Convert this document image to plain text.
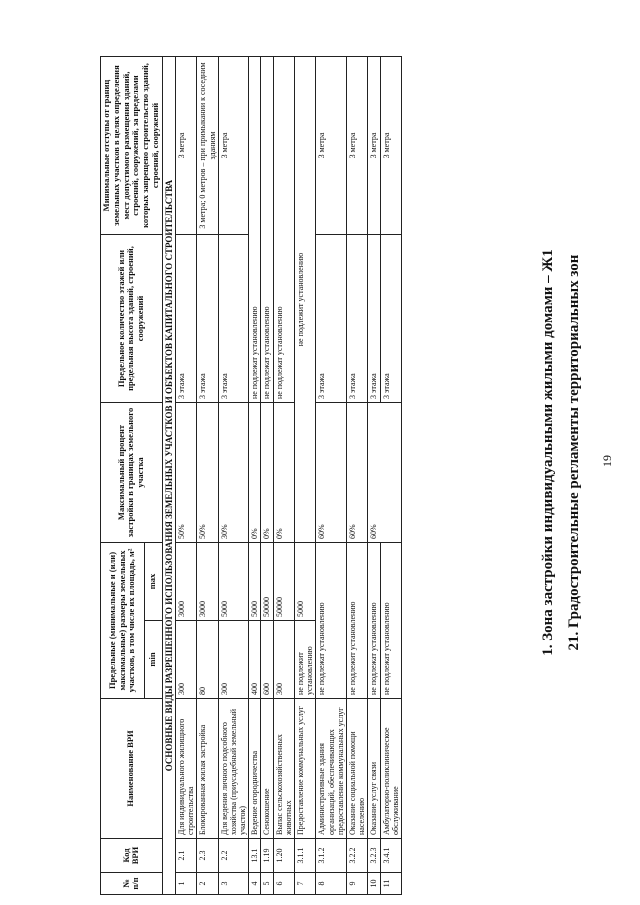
19
21. Градостроительные регламенты территориальных зон
1. Зона застройки индивидуальными жилыми домами – Ж1
№ п/п	Код ВРИ	Наименование ВРИ	Предельные (минимальные и (или) максимальные) размеры земельных участков, в том числе их площадь, м²		Максимальный процент застройки в границах земельного участка	Предельное количество этажей или предельная высота зданий, строений, сооружений	Минимальные отступы от границ земельных участков в целях определения мест допустимого размещения зданий, строений, сооружений, за пределами которых запрещено строительство зданий, строений, сооружений
			min	max			
ОСНОВНЫЕ ВИДЫ РАЗРЕШЕННОГО ИСПОЛЬЗОВАНИЯ ЗЕМЕЛЬНЫХ УЧАСТКОВ И ОБЪЕКТОВ КАПИТАЛЬНОГО СТРОИТЕЛЬСТВА							
1	2.1	Для индивидуального жилищного строительства	300	3000	50%	3 этажа	3 метра
2	2.3	Блокированная жилая застройка	80	3000	50%	3 этажа	3 метра; 0 метров – при примыкании к соседним зданиям
3	2.2	Для ведения личного подсобного хозяйства (приусадебный земельный участок)	300	5000	30%	3 этажа	3 метра
4	13.1	Ведение огородничества	400	5000	0%	не подлежат установлению	
5	1.19	Сенокошение	600	50000	0%	не подлежат установлению	
6	1.20	Выпас сельскохозяйственных животных	300	50000	0%	не подлежат установлению	
7	3.1.1	Предоставление коммунальных услуг	не подлежит установлению	5000	не подлежит установлению		
8	3.1.2	Административные здания организаций, обеспечивающих предоставление коммунальных услуг	не подлежат установлению		60%	3 этажа	3 метра
9	3.2.2	Оказание социальной помощи населению	не подлежит установлению		60%	3 этажа	3 метра
10	3.2.3	Оказание услуг связи	не подлежат установлению		60%	3 этажа	3 метра
11	3.4.1	Амбулаторно-поликлиническое обслуживание	не подлежат установлению			3 этажа	3 метра
